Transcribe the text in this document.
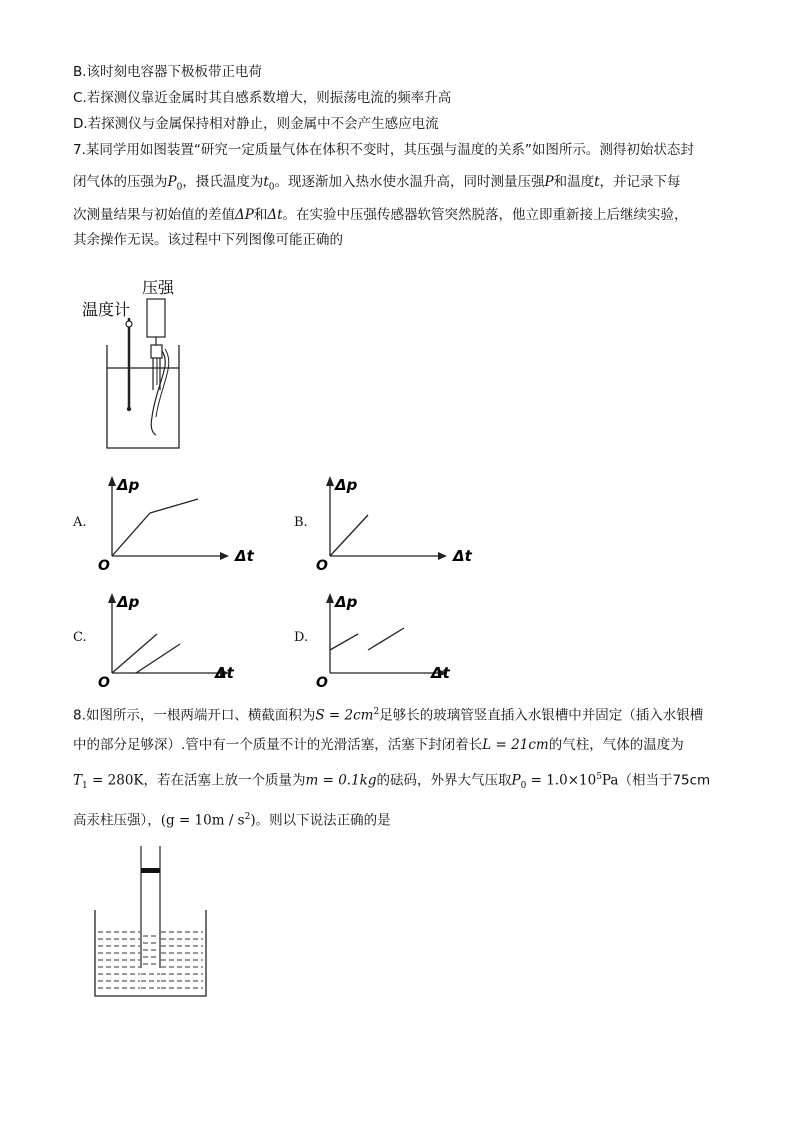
B.该时刻电容器下极板带正电荷
C.若探测仪靠近金属时其自感系数增大，则振荡电流的频率升高
D.若探测仪与金属保持相对静止，则金属中不会产生感应电流
7.某同学用如图装置“研究一定质量气体在体积不变时，其压强与温度的关系”如图所示。测得初始状态封
闭气体的压强为$P_0$，摄氏温度为$t_0$。现逐渐加入热水使水温升高，同时测量压强P和温度t，并记录下每
次测量结果与初始值的差值ΔP和Δt。在实验中压强传感器软管突然脱落，他立即重新接上后继续实验，
其余操作无误。该过程中下列图像可能正确的
温度计
压强
A.
Δp
Δt
O
B.
Δp
Δt
O
C.
Δp
Δt
O
D.
Δp
Δt
O
8.如图所示，一根两端开口、横截面积为$S = 2cm^2$足够长的玻璃管竖直插入水银槽中并固定（插入水银槽
中的部分足够深）.管中有一个质量不计的光滑活塞，活塞下封闭着长L = 21cm的气柱，气体的温度为
$T_1 = 280K$，若在活塞上放一个质量为m = 0.1kg的砝码，外界大气压取$P_0 = 1.0\times 10^5Pa$（相当于75cm
高汞柱压强），$(g = 10m / s^2)$。则以下说法正确的是
